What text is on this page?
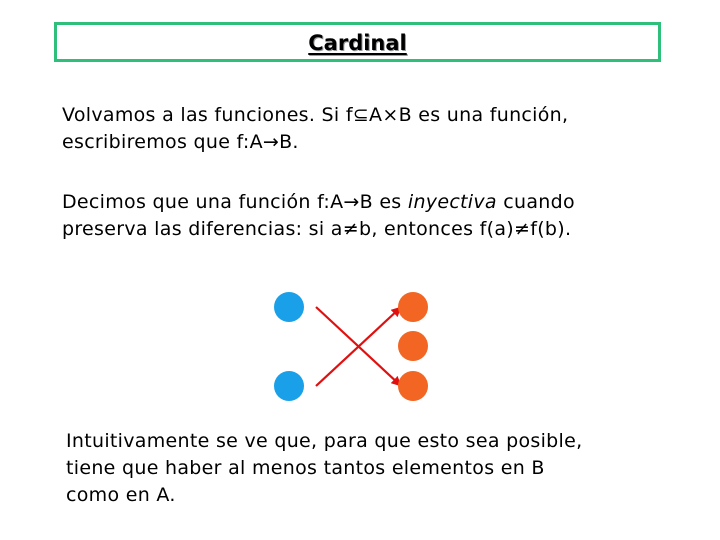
Cardinal

Volvamos a las funciones. Si f⊆A×B es una función,
escribiremos que f:A→B.

Decimos que una función f:A→B es inyectiva cuando
preserva las diferencias: si a≠b, entonces f(a)≠f(b).

Intuitivamente se ve que, para que esto sea posible,
tiene que haber al menos tantos elementos en B
como en A.
